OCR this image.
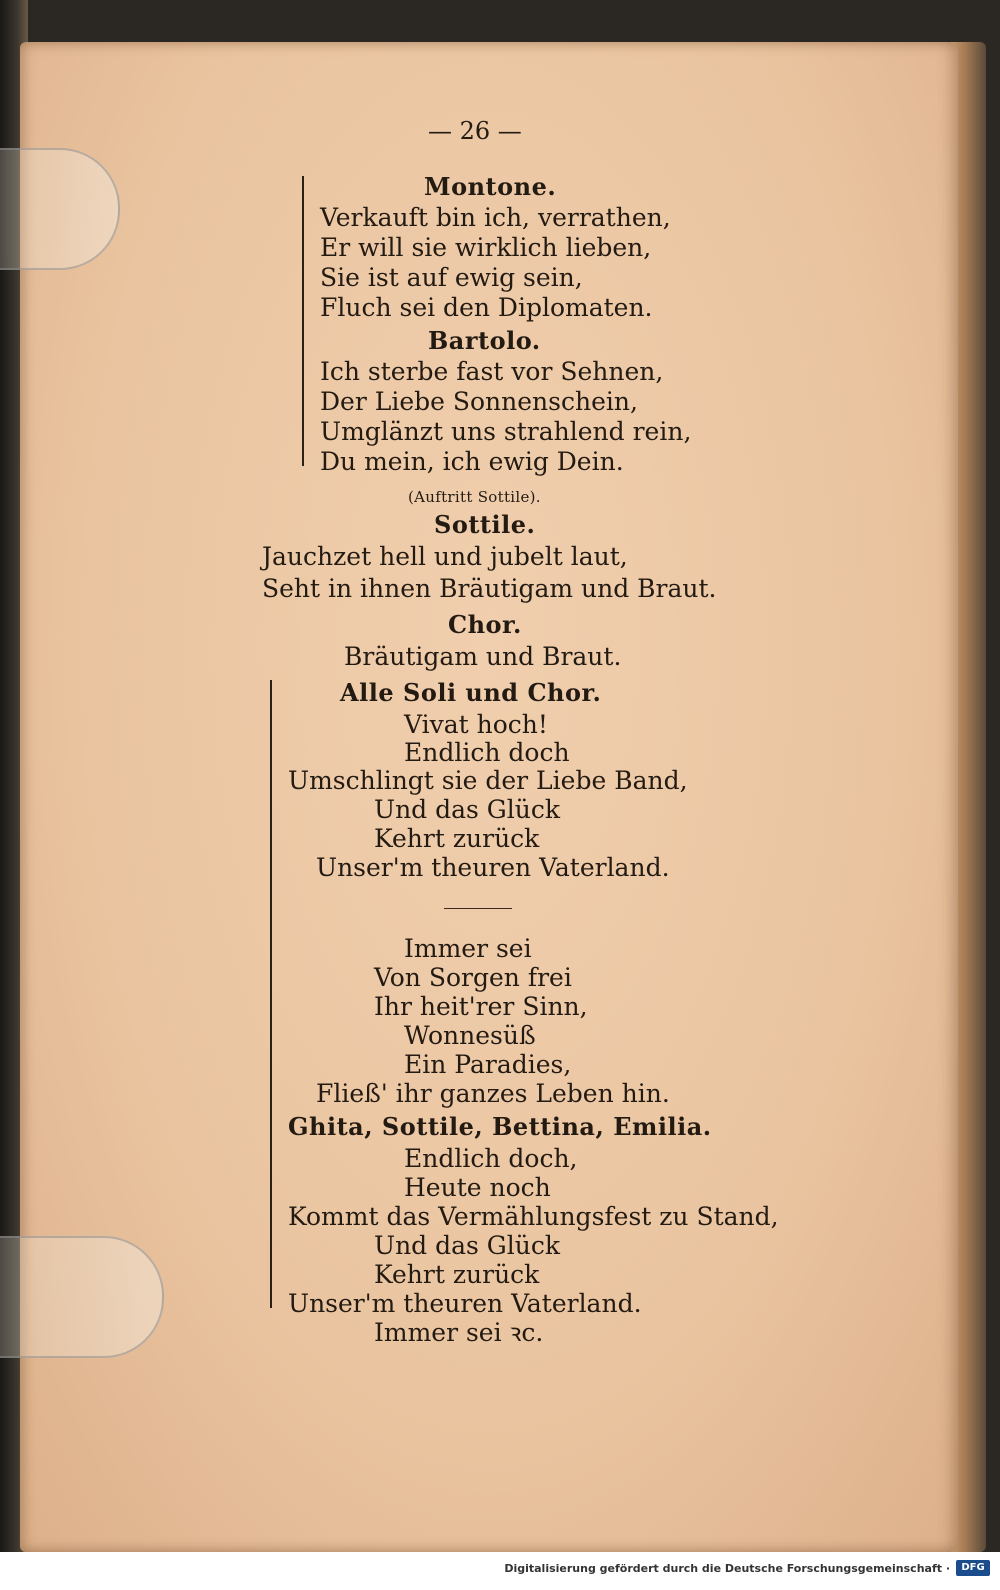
— 26 —
Montone.
Verkauft bin ich, verrathen,
Er will sie wirklich lieben,
Sie ist auf ewig sein,
Fluch sei den Diplomaten.
Bartolo.
Ich sterbe fast vor Sehnen,
Der Liebe Sonnenschein,
Umglänzt uns strahlend rein,
Du mein, ich ewig Dein.
(Auftritt Sottile).
Sottile.
Jauchzet hell und jubelt laut,
Seht in ihnen Bräutigam und Braut.
Chor.
Bräutigam und Braut.
Alle Soli und Chor.
Vivat hoch!
Endlich doch
Umschlingt sie der Liebe Band,
Und das Glück
Kehrt zurück
Unser'm theuren Vaterland.
Immer sei
Von Sorgen frei
Ihr heit'rer Sinn,
Wonnesüß
Ein Paradies,
Fließ' ihr ganzes Leben hin.
Ghita, Sottile, Bettina, Emilia.
Endlich doch,
Heute noch
Kommt das Vermählungsfest zu Stand,
Und das Glück
Kehrt zurück
Unser'm theuren Vaterland.
Immer sei ꝛc.
Digitalisierung gefördert durch die Deutsche Forschungsgemeinschaft ·	DFG
